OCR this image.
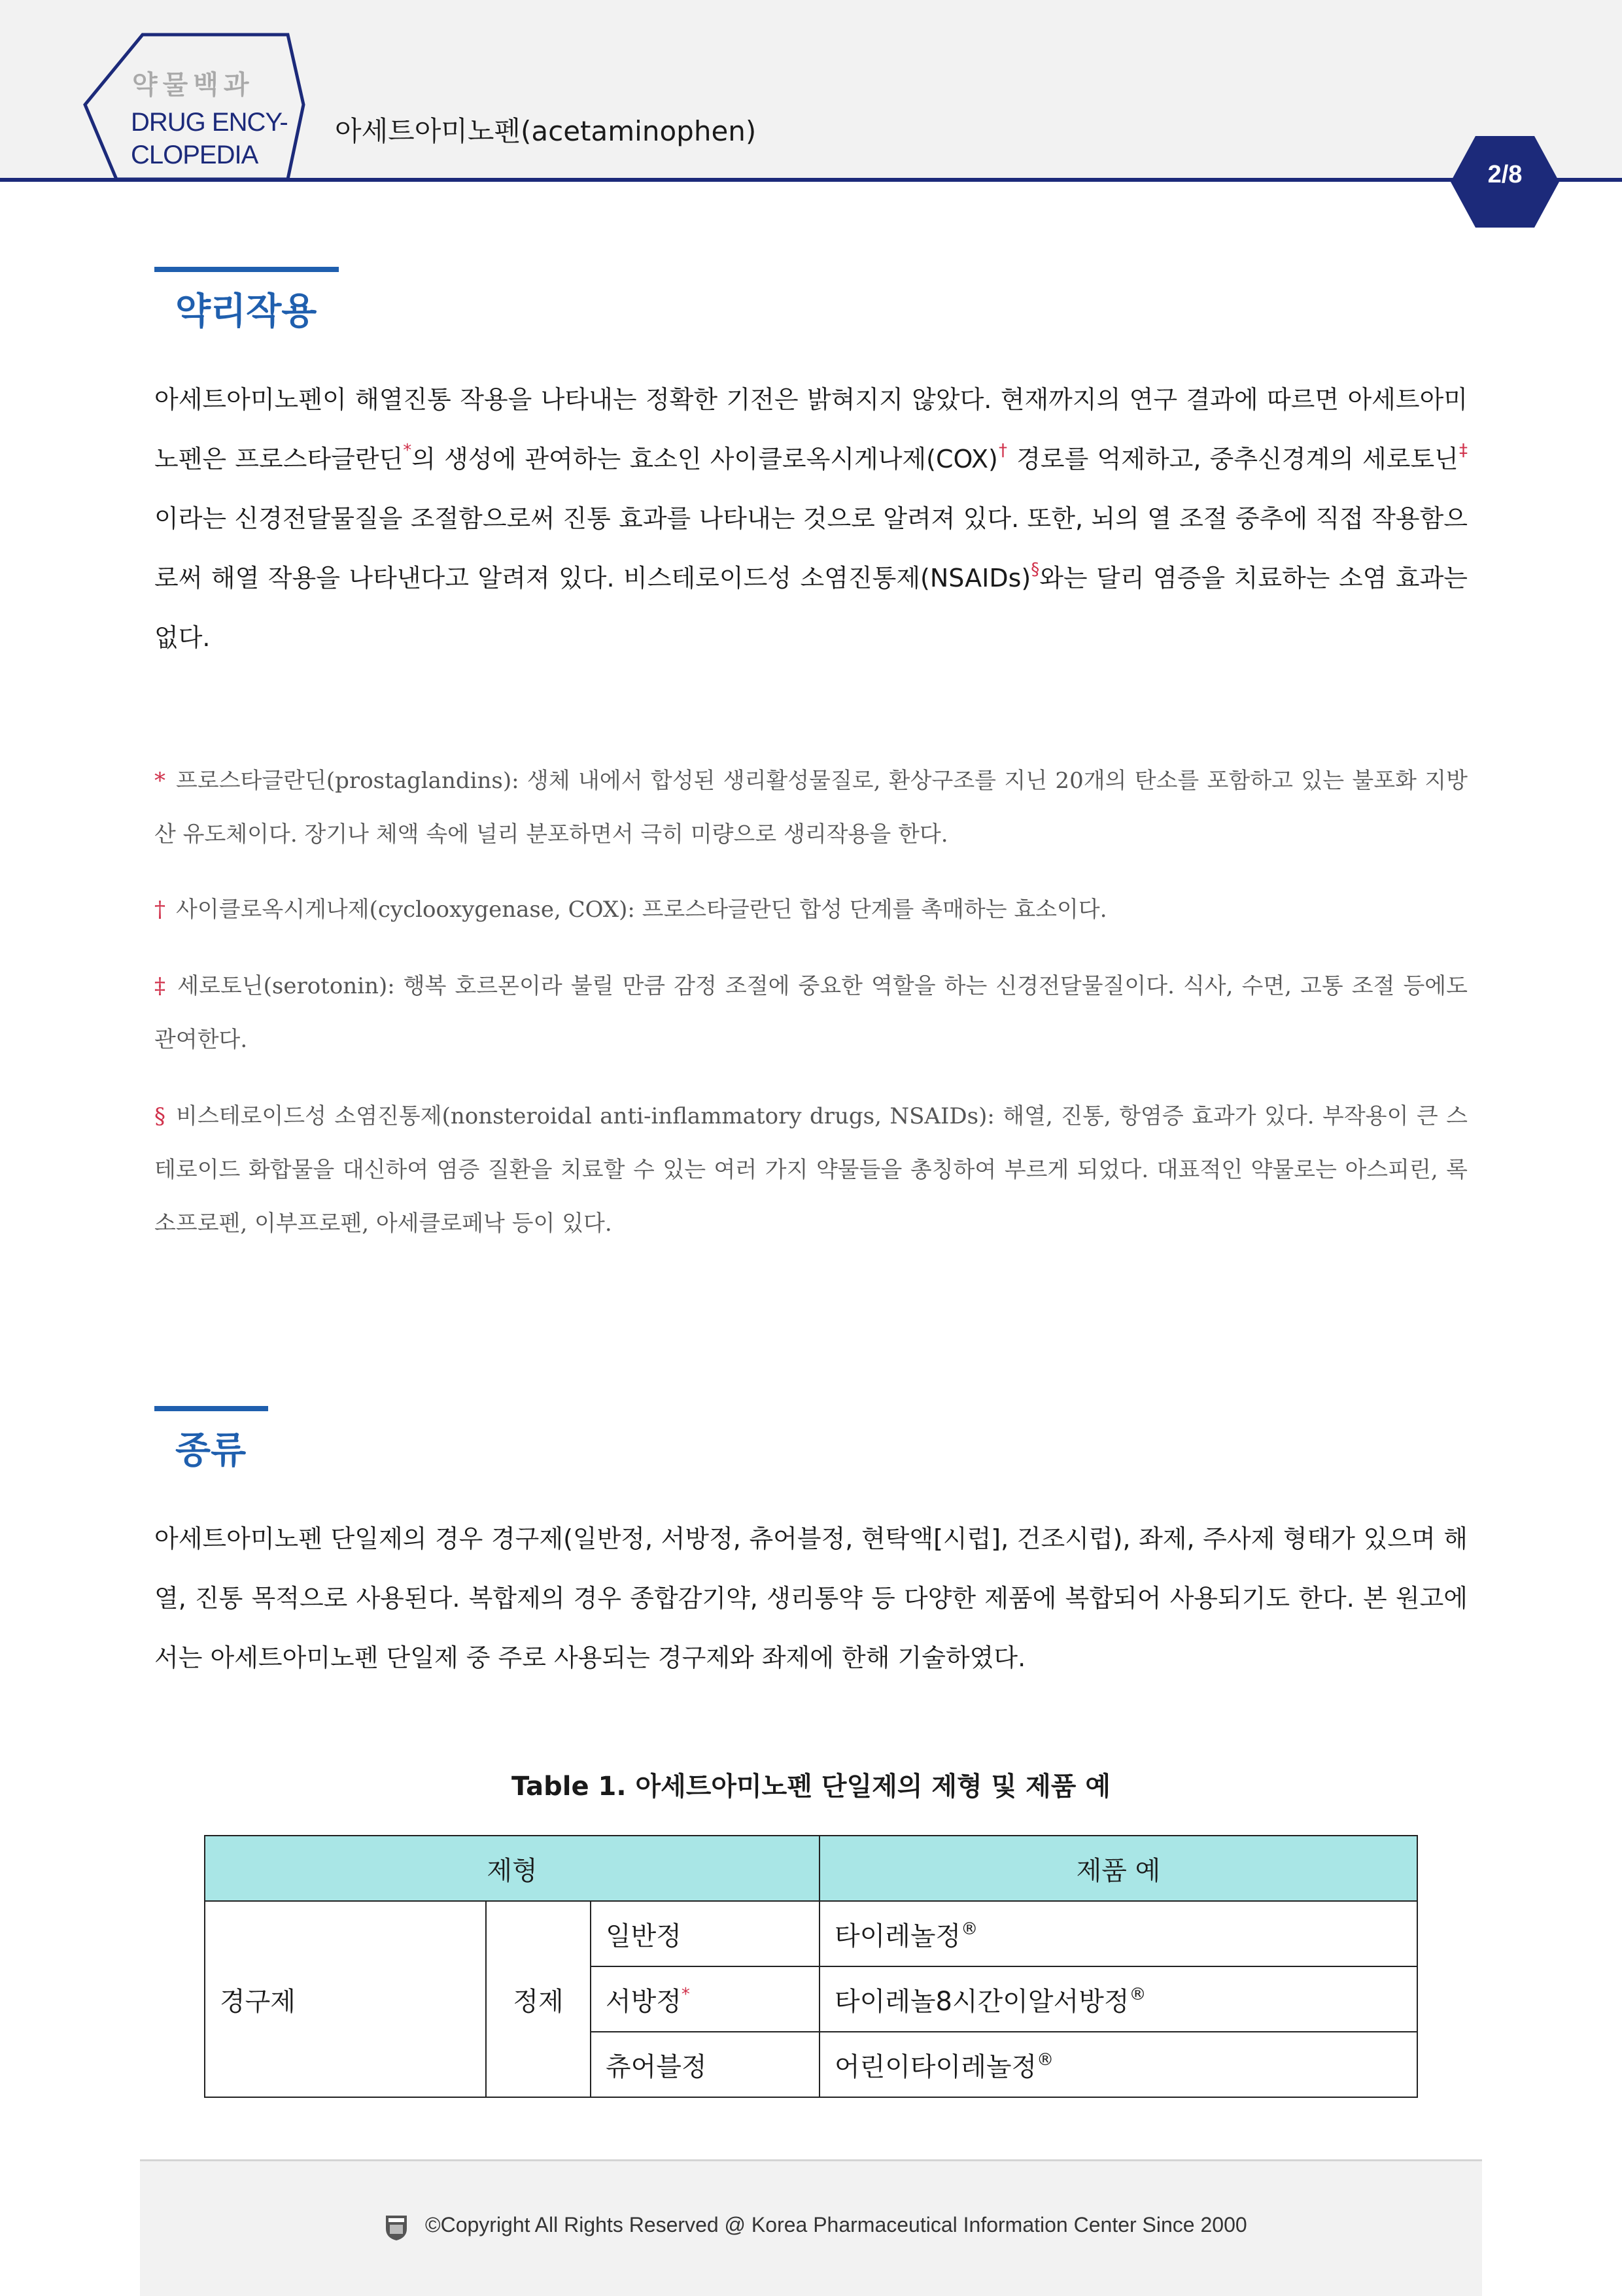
약물백과
DRUG ENCY-
CLOPEDIA
아세트아미노펜(acetaminophen)
2/8
약리작용
아세트아미노펜이 해열진통 작용을 나타내는 정확한 기전은 밝혀지지 않았다. 현재까지의 연구 결과에 따르면 아세트아미노펜은 프로스타글란딘*의 생성에 관여하는 효소인 사이클로옥시게나제(COX)† 경로를 억제하고, 중추신경계의 세로토닌‡이라는 신경전달물질을 조절함으로써 진통 효과를 나타내는 것으로 알려져 있다. 또한, 뇌의 열 조절 중추에 직접 작용함으로써 해열 작용을 나타낸다고 알려져 있다. 비스테로이드성 소염진통제(NSAIDs)§와는 달리 염증을 치료하는 소염 효과는 없다.
* 프로스타글란딘(prostaglandins): 생체 내에서 합성된 생리활성물질로, 환상구조를 지닌 20개의 탄소를 포함하고 있는 불포화 지방산 유도체이다. 장기나 체액 속에 널리 분포하면서 극히 미량으로 생리작용을 한다.
† 사이클로옥시게나제(cyclooxygenase, COX): 프로스타글란딘 합성 단계를 촉매하는 효소이다.
‡ 세로토닌(serotonin): 행복 호르몬이라 불릴 만큼 감정 조절에 중요한 역할을 하는 신경전달물질이다. 식사, 수면, 고통 조절 등에도 관여한다.
§ 비스테로이드성 소염진통제(nonsteroidal anti-inflammatory drugs, NSAIDs): 해열, 진통, 항염증 효과가 있다. 부작용이 큰 스테로이드 화합물을 대신하여 염증 질환을 치료할 수 있는 여러 가지 약물들을 총칭하여 부르게 되었다. 대표적인 약물로는 아스피린, 록소프로펜, 이부프로펜, 아세클로페낙 등이 있다.
종류
아세트아미노펜 단일제의 경우 경구제(일반정, 서방정, 츄어블정, 현탁액[시럽], 건조시럽), 좌제, 주사제 형태가 있으며 해열, 진통 목적으로 사용된다. 복합제의 경우 종합감기약, 생리통약 등 다양한 제품에 복합되어 사용되기도 한다. 본 원고에서는 아세트아미노펜 단일제 중 주로 사용되는 경구제와 좌제에 한해 기술하였다.
Table 1. 아세트아미노펜 단일제의 제형 및 제품 예
제형			제품 예
경구제	정제	일반정	타이레놀정®
		서방정*	타이레놀8시간이알서방정®
		츄어블정	어린이타이레놀정®
©Copyright All Rights Reserved @ Korea Pharmaceutical Information Center Since 2000
